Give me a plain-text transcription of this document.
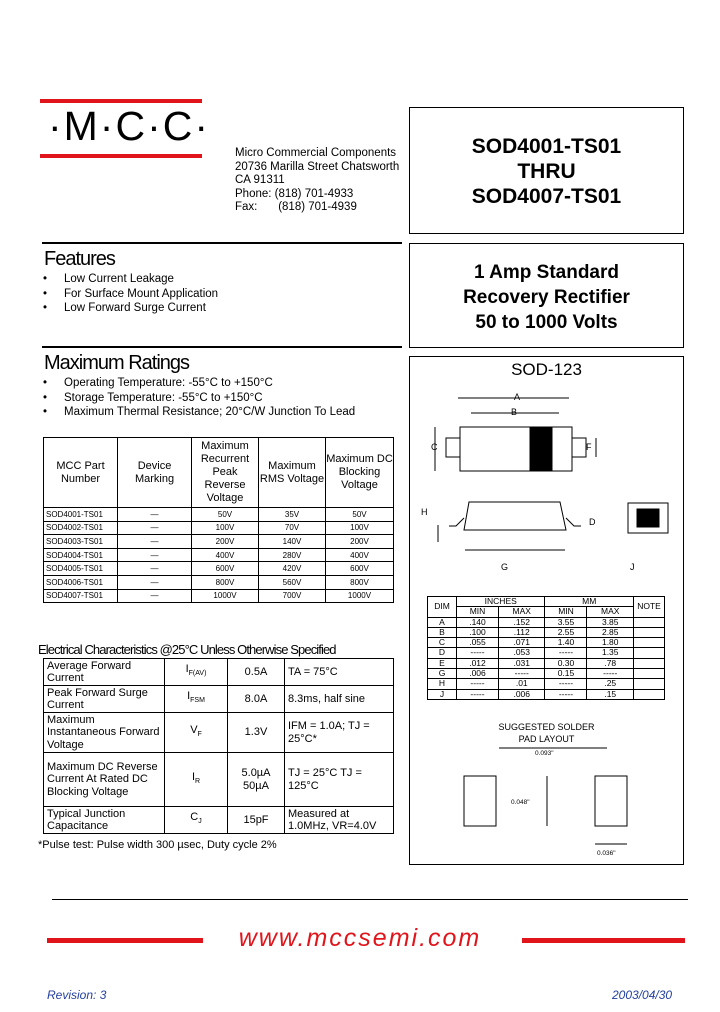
·M·C·C·
Micro Commercial Components
20736 Marilla Street Chatsworth
CA 91311
Phone: (818) 701-4933
Fax: (818) 701-4939
SOD4001-TS01
THRU
SOD4007-TS01
1 Amp Standard
Recovery Rectifier
50 to 1000 Volts
Features
• Low Current Leakage
• For Surface Mount Application
• Low Forward Surge Current
Maximum Ratings
• Operating Temperature: -55°C to +150°C
• Storage Temperature: -55°C to +150°C
• Maximum Thermal Resistance; 20°C/W Junction To Lead
MCC Part Number	Device Marking	Maximum Recurrent Peak Reverse Voltage	Maximum RMS Voltage	Maximum DC Blocking Voltage
SOD4001-TS01	—	50V	35V	50V
SOD4002-TS01	—	100V	70V	100V
SOD4003-TS01	—	200V	140V	200V
SOD4004-TS01	—	400V	280V	400V
SOD4005-TS01	—	600V	420V	600V
SOD4006-TS01	—	800V	560V	800V
SOD4007-TS01	—	1000V	700V	1000V
Electrical Characteristics @25°C Unless Otherwise Specified
Average Forward Current	$I_{F(AV)}$	0.5A	TA = 75°C
Peak Forward Surge Current	$I_{FSM}$	8.0A	8.3ms, half sine
Maximum Instantaneous Forward Voltage	$V_F$	1.3V	IFM = 1.0A; TJ = 25°C*
Maximum DC Reverse Current At Rated DC Blocking Voltage	$I_R$	5.0µA 50µA	TJ = 25°C TJ = 125°C
Typical Junction Capacitance	$C_J$	15pF	Measured at 1.0MHz, VR=4.0V
*Pulse test: Pulse width 300 µsec, Duty cycle 2%
SOD-123
A
B
C	F
H
D
G	J
DIM	INCHES		MM		NOTE
	MIN	MAX	MIN	MAX	
A	.140	.152	3.55	3.85	
B	.100	.112	2.55	2.85	
C	.055	.071	1.40	1.80	
D	-----	.053	-----	1.35	
E	.012	.031	0.30	.78	
G	.006	-----	0.15	-----	
H	-----	.01	-----	.25	
J	-----	.006	-----	.15	
SUGGESTED SOLDER
PAD LAYOUT
0.093"
0.048"
0.036"
www.mccsemi.com
Revision: 3	2003/04/30
